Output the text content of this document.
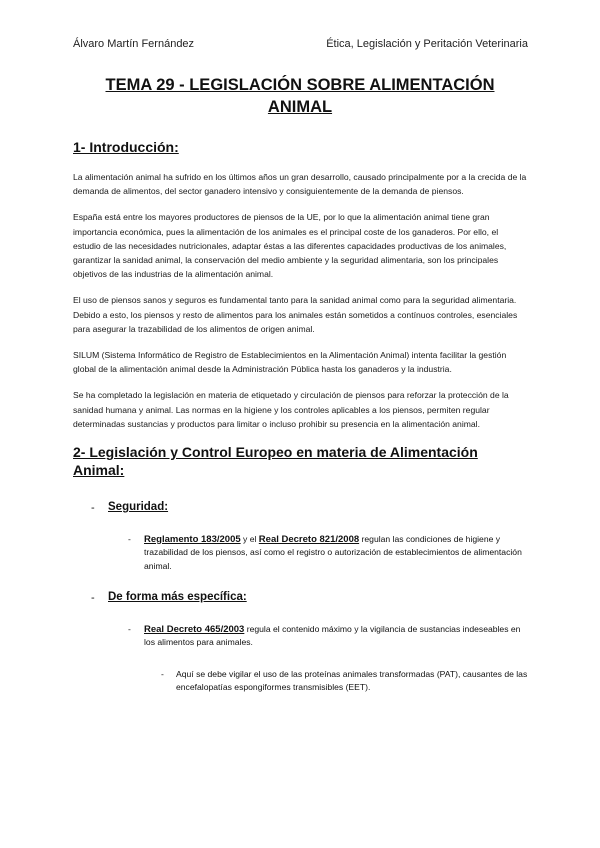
Álvaro Martín Fernández	Ética, Legislación y Peritación Veterinaria
TEMA 29 - LEGISLACIÓN SOBRE ALIMENTACIÓN
ANIMAL
1- Introducción:

La alimentación animal ha sufrido en los últimos años un gran desarrollo, causado principalmente por a la crecida de la demanda de alimentos, del sector ganadero intensivo y consiguientemente de la demanda de piensos.

España está entre los mayores productores de piensos de la UE, por lo que la alimentación animal tiene gran importancia económica, pues la alimentación de los animales es el principal coste de los ganaderos. Por ello, el estudio de las necesidades nutricionales, adaptar éstas a las diferentes capacidades productivas de los animales, garantizar la sanidad animal, la conservación del medio ambiente y la seguridad alimentaria, son los principales objetivos de las industrias de la alimentación animal.

El uso de piensos sanos y seguros es fundamental tanto para la sanidad animal como para la seguridad alimentaria. Debido a esto, los piensos y resto de alimentos para los animales están sometidos a contínuos controles, esenciales para asegurar la trazabilidad de los alimentos de origen animal.

SILUM (Sistema Informático de Registro de Establecimientos en la Alimentación Animal) intenta facilitar la gestión global de la alimentación animal desde la Administración Pública hasta los ganaderos y la industria.

Se ha completado la legislación en materia de etiquetado y circulación de piensos para reforzar la protección de la sanidad humana y animal. Las normas en la higiene y los controles aplicables a los piensos, permiten regular determinadas sustancias y productos para limitar o incluso prohibir su presencia en la alimentación animal.

2- Legislación y Control Europeo en materia de Alimentación Animal:
- Seguridad:
- Reglamento 183/2005 y el Real Decreto 821/2008 regulan las condiciones de higiene y trazabilidad de los piensos, así como el registro o autorización de establecimientos de alimentación animal.
- De forma más específica:
- Real Decreto 465/2003 regula el contenido máximo y la vigilancia de sustancias indeseables en los alimentos para animales.
- Aquí se debe vigilar el uso de las proteínas animales transformadas (PAT), causantes de las encefalopatías espongiformes transmisibles (EET).
